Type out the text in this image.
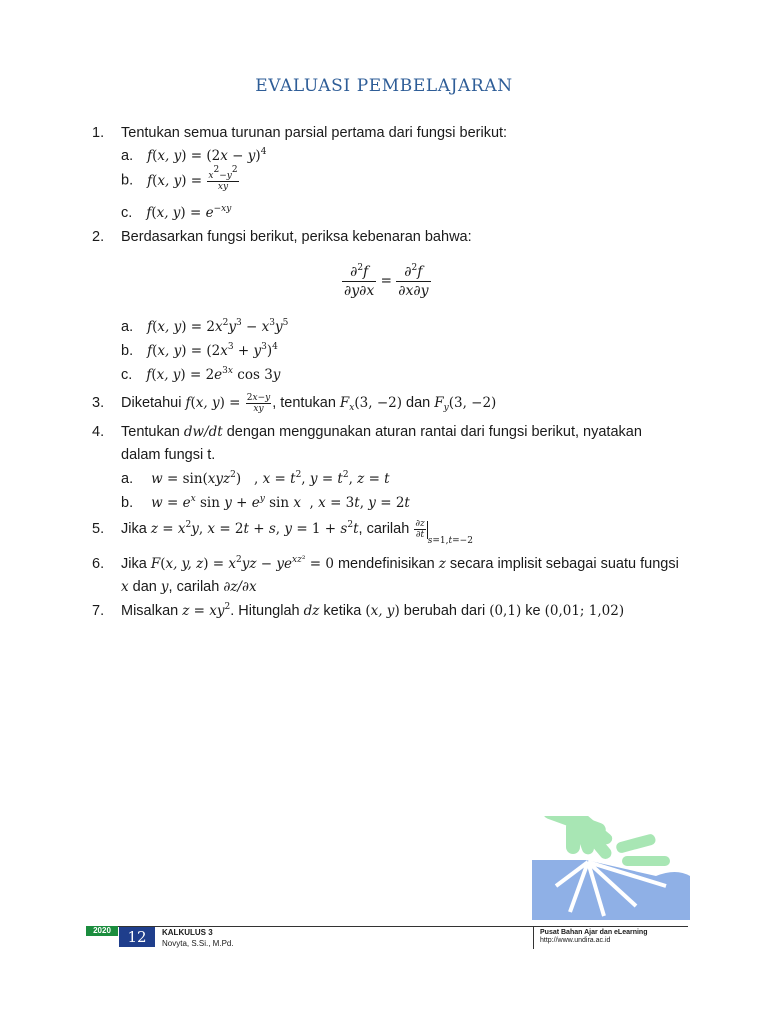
EVALUASI PEMBELAJARAN
1. Tentukan semua turunan parsial pertama dari fungsi berikut:
a. f(x, $y) = (2x - y)^4$
b. f(x, $y) = \frac{x^2-y^2}{xy}$
c. f(x, $y) = e^{-xy}$
2. Berdasarkan fungsi berikut, periksa kebenaran bahwa:
$\frac{\partial^2f}{\partial y\partial x} = \frac{\partial^2f}{\partial x\partial y}$
a. f(x, $y) = 2x^2y^3 - x^3y^5$
b. f(x, $y) = (2x^3 + y^3)^4$
c. f(x, $y) = 2e^{3x}$ cos 3y
3. Diketahui f(x, $y) = \frac{2x-y}{xy}$ , tentukan $F_x(3$, −2) dan $F_y(3$, −2)
4. Tentukan dw/dt dengan menggunakan aturan rantai dari fungsi berikut, nyatakan
dalam fungsi t.
a. w = sin(xyz$^2$)   , $x = t^2$, $y = t^2$, z = t
b. $w = e^x$ $\sin y + e^y$ sin x  , x = 3t, y = 2t
5. Jika $z = x^2y$, x = 2t + s, $y = 1 + s^2t$, carilah $\frac{\partial z}{\partial t}$
$_{s=1,t=-2}$
6. Jika F(x, y, $z) = x^2yz - ye^{xz^2} = 0$ mendefinisikan z secara implisit sebagai suatu fungsi
x dan y, carilah ∂z/∂x
7. Misalkan $z = xy^2$. Hitunglah dz ketika (x, y) berubah dari (0,1) ke (0,01; 1,02)
2020	12	KALKULUS 3
Novyta, S.Si., M.Pd.
Pusat Bahan Ajar dan eLearning
http://www.undira.ac.id
